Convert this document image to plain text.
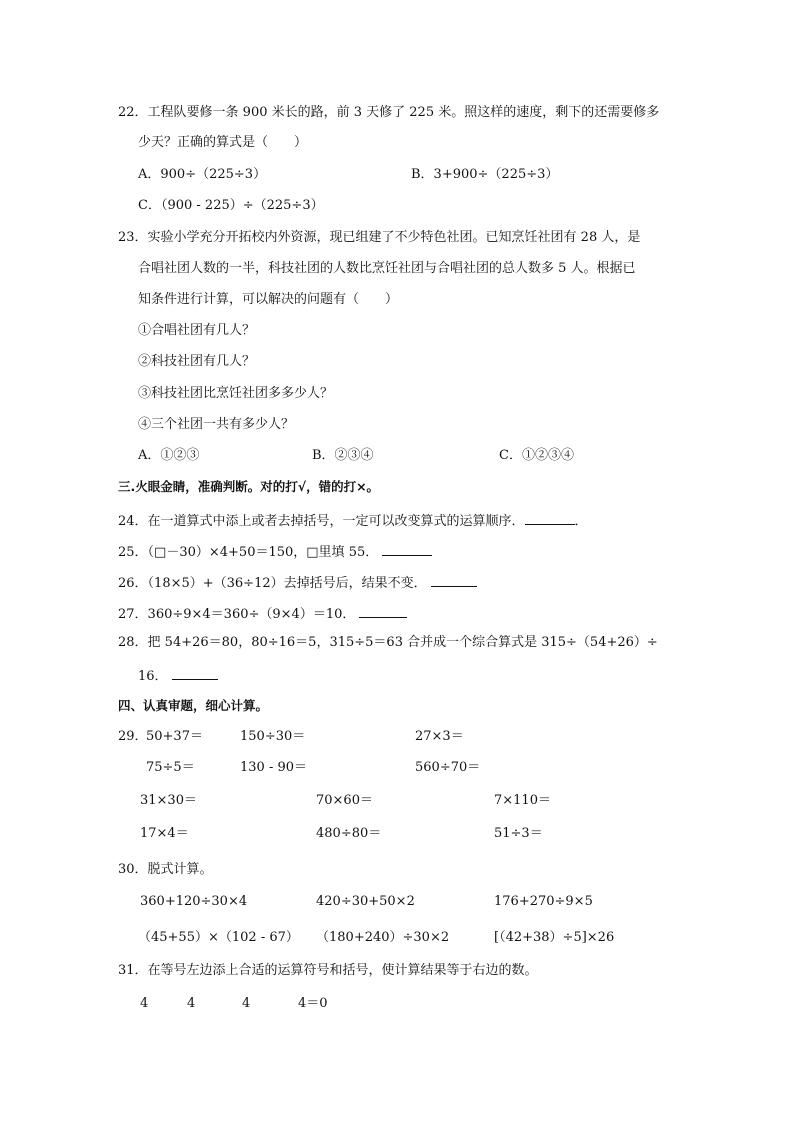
22．工程队要修一条 900 米长的路，前 3 天修了 225 米。照这样的速度，剩下的还需要修多
少天？正确的算式是（　　）
A．900÷（225÷3）	B．3+900÷（225÷3）
C．（900 - 225）÷（225÷3）
23．实验小学充分开拓校内外资源，现已组建了不少特色社团。已知烹饪社团有 28 人，是
合唱社团人数的一半，科技社团的人数比烹饪社团与合唱社团的总人数多 5 人。根据已
知条件进行计算，可以解决的问题有（　　）
①合唱社团有几人？
②科技社团有几人？
③科技社团比烹饪社团多多少人？
④三个社团一共有多少人？
A．①②③	B．②③④	C．①②③④
三.火眼金睛，准确判断。对的打√，错的打×。
24．在一道算式中添上或者去掉括号，一定可以改变算式的运算顺序．	．
25．（□－30）×4+50＝150，□里填 55．
26．（18×5）+（36÷12）去掉括号后，结果不变．
27．360÷9×4＝360÷（9×4）＝10．
28．把 54+26＝80，80÷16＝5，315÷5＝63 合并成一个综合算式是 315÷（54+26）÷
16．
四、认真审题，细心计算。
29．
50+37＝	150÷30＝	27×3＝
75÷5＝	130 - 90＝	560÷70＝
31×30＝	70×60＝	7×110＝
17×4＝	480÷80＝	51÷3＝
30．脱式计算。
360+120÷30×4	420÷30+50×2	176+270÷9×5
（45+55）×（102 - 67） （180+240）÷30×2	[（42+38）÷5]×26
31．在等号左边添上合适的运算符号和括号，使计算结果等于右边的数。
4	4	4	4＝0
